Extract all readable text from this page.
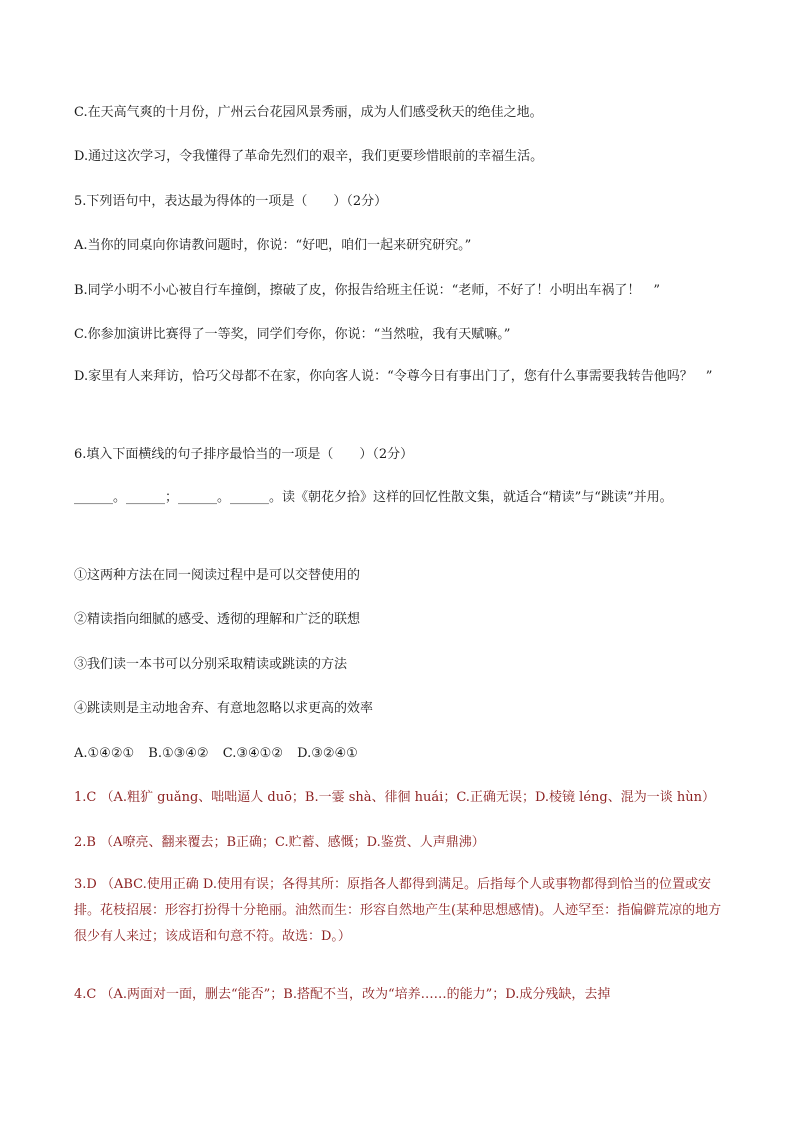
C.在天高气爽的十月份，广州云台花园风景秀丽，成为人们感受秋天的绝佳之地。
D.通过这次学习，令我懂得了革命先烈们的艰辛，我们更要珍惜眼前的幸福生活。
5.下列语句中，表达最为得体的一项是（　　）（2分）
A.当你的同桌向你请教问题时，你说：“好吧，咱们一起来研究研究。”
B.同学小明不小心被自行车撞倒，擦破了皮，你报告给班主任说：“老师，不好了！小明出车祸了！　”
C.你参加演讲比赛得了一等奖，同学们夸你，你说：“当然啦，我有天赋嘛。”
D.家里有人来拜访，恰巧父母都不在家，你向客人说：“令尊今日有事出门了，您有什么事需要我转告他吗？　”
6.填入下面横线的句子排序最恰当的一项是（　　）（2分）
______。______；______。______。读《朝花夕拾》这样的回忆性散文集，就适合“精读”与“跳读”并用。
①这两种方法在同一阅读过程中是可以交替使用的
②精读指向细腻的感受、透彻的理解和广泛的联想
③我们读一本书可以分别采取精读或跳读的方法
④跳读则是主动地舍弃、有意地忽略以求更高的效率
A.①④②① B.①③④② C.③④①② D.③②④①
1.C （A.粗犷 guǎng、咄咄逼人 duō；B.一霎 shà、徘徊 huái；C.正确无误；D.棱镜 léng、混为一谈 hùn）
2.B （A嘹亮、翻来覆去；B正确；C.贮蓄、感慨；D.鉴赏、人声鼎沸）
3.D （ABC.使用正确 D.使用有误；各得其所：原指各人都得到满足。后指每个人或事物都得到恰当的位置或安排。花枝招展：形容打扮得十分艳丽。油然而生：形容自然地产生(某种思想感情)。人迹罕至：指偏僻荒凉的地方很少有人来过；该成语和句意不符。故选：D。）
4.C （A.两面对一面，删去“能否”；B.搭配不当，改为“培养……的能力”；D.成分残缺，去掉
